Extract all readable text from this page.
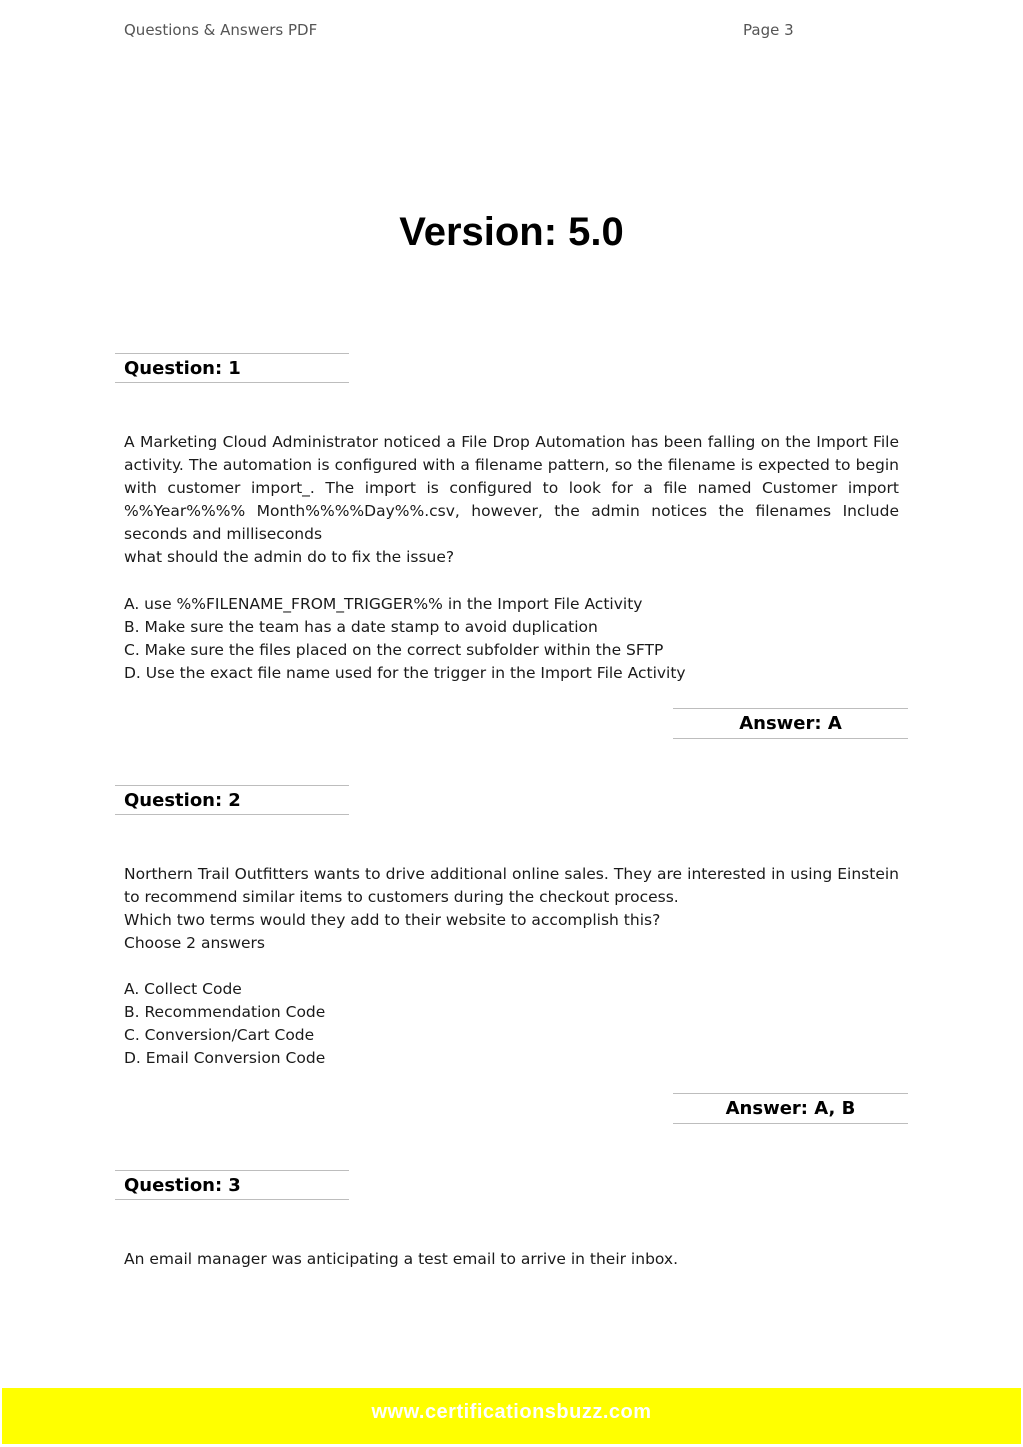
Questions & Answers PDF	Page 3
Version: 5.0
Question: 1
A Marketing Cloud Administrator noticed a File Drop Automation has been falling on the Import File activity. The automation is configured with a filename pattern, so the filename is expected to begin with customer import_. The import is configured to look for a file named Customer import %%Year%%%% Month%%%%Day%%.csv, however, the admin notices the filenames Include seconds and milliseconds
what should the admin do to fix the issue?
A. use %%FILENAME_FROM_TRIGGER%% in the Import File Activity
B. Make sure the team has a date stamp to avoid duplication
C. Make sure the files placed on the correct subfolder within the SFTP
D. Use the exact file name used for the trigger in the Import File Activity
Answer: A
Question: 2
Northern Trail Outfitters wants to drive additional online sales. They are interested in using Einstein to recommend similar items to customers during the checkout process.
Which two terms would they add to their website to accomplish this?
Choose 2 answers
A. Collect Code
B. Recommendation Code
C. Conversion/Cart Code
D. Email Conversion Code
Answer: A, B
Question: 3
An email manager was anticipating a test email to arrive in their inbox.
www.certificationsbuzz.com
